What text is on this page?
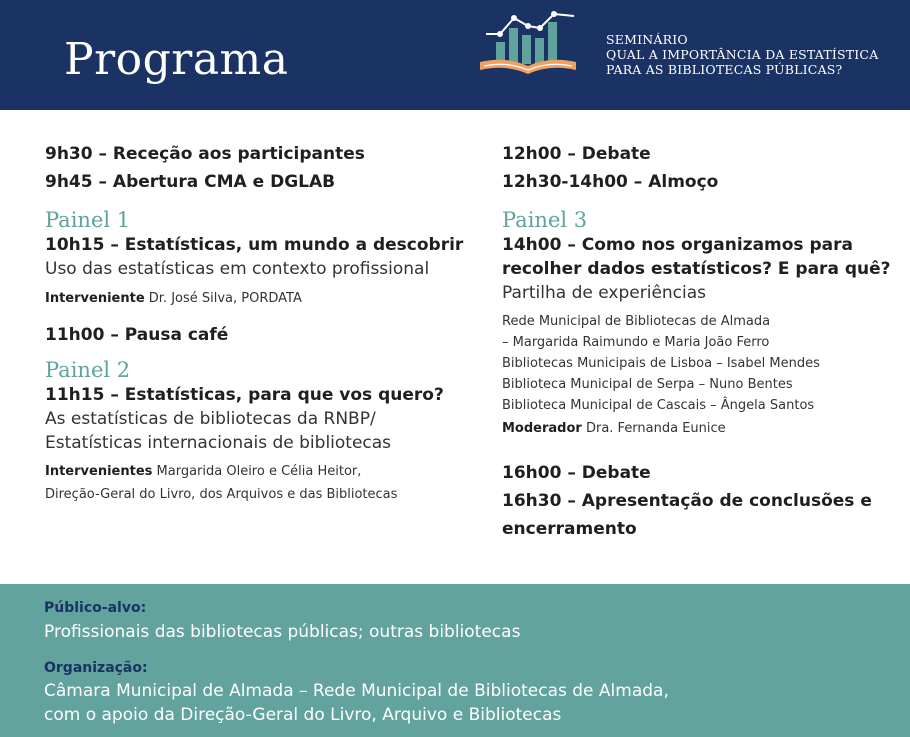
Programa	SEMINÁRIO
QUAL A IMPORTÂNCIA DA ESTATÍSTICA
PARA AS BIBLIOTECAS PÚBLICAS?
9h30 – Receção aos participantes
9h45 – Abertura CMA e DGLAB
Painel 1
10h15 – Estatísticas, um mundo a descobrir
Uso das estatísticas em contexto profissional
Interveniente Dr. José Silva, PORDATA
11h00 – Pausa café
Painel 2
11h15 – Estatísticas, para que vos quero?
As estatísticas de bibliotecas da RNBP/
Estatísticas internacionais de bibliotecas
Intervenientes Margarida Oleiro e Célia Heitor,
Direção-Geral do Livro, dos Arquivos e das Bibliotecas
12h00 – Debate
12h30-14h00 – Almoço
Painel 3
14h00 – Como nos organizamos para
recolher dados estatísticos? E para quê?
Partilha de experiências
Rede Municipal de Bibliotecas de Almada
– Margarida Raimundo e Maria João Ferro
Bibliotecas Municipais de Lisboa – Isabel Mendes
Biblioteca Municipal de Serpa – Nuno Bentes
Biblioteca Municipal de Cascais – Ângela Santos
Moderador Dra. Fernanda Eunice
16h00 – Debate
16h30 – Apresentação de conclusões e
encerramento
Público-alvo:
Profissionais das bibliotecas públicas; outras bibliotecas
Organização:
Câmara Municipal de Almada – Rede Municipal de Bibliotecas de Almada,
com o apoio da Direção-Geral do Livro, Arquivo e Bibliotecas
